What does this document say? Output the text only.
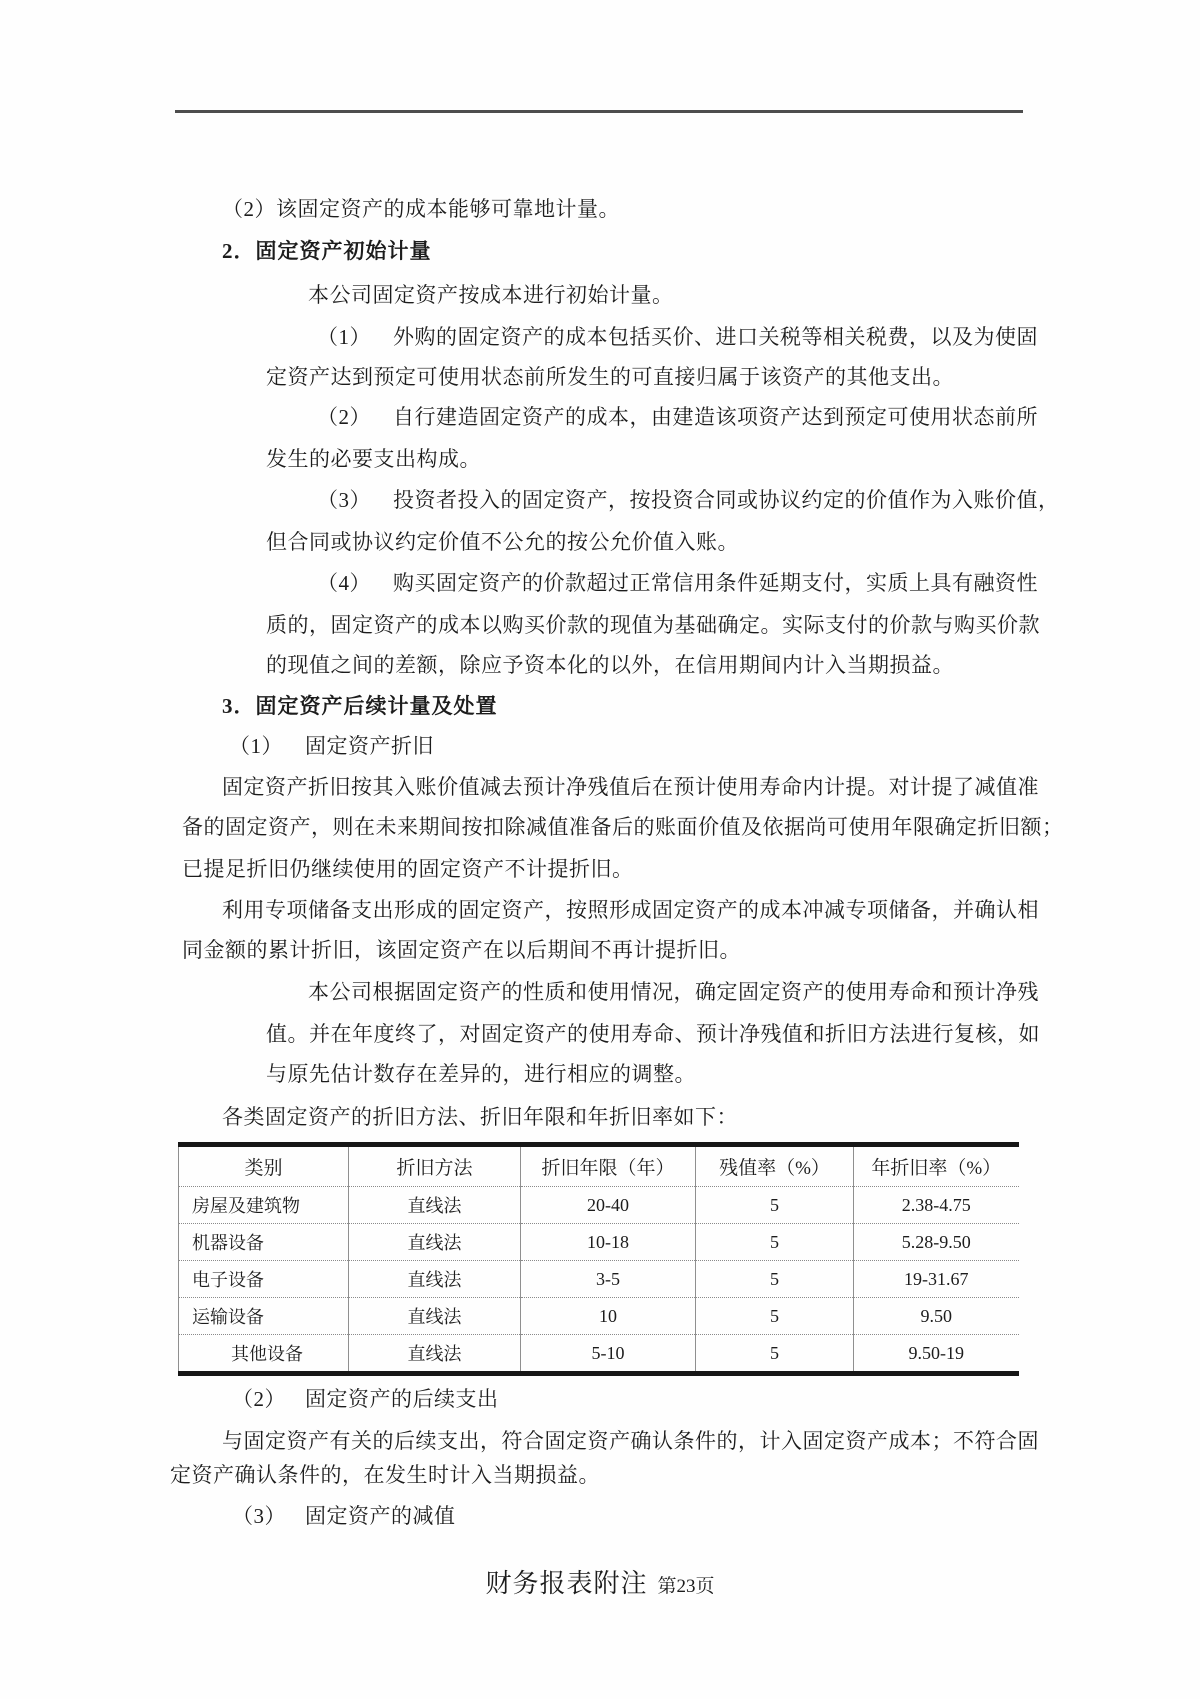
（2）该固定资产的成本能够可靠地计量。

2．固定资产初始计量

本公司固定资产按成本进行初始计量。

（1） 外购的固定资产的成本包括买价、进口关税等相关税费，以及为使固

定资产达到预定可使用状态前所发生的可直接归属于该资产的其他支出。

（2） 自行建造固定资产的成本，由建造该项资产达到预定可使用状态前所

发生的必要支出构成。

（3） 投资者投入的固定资产，按投资合同或协议约定的价值作为入账价值，

但合同或协议约定价值不公允的按公允价值入账。

（4） 购买固定资产的价款超过正常信用条件延期支付，实质上具有融资性

质的，固定资产的成本以购买价款的现值为基础确定。实际支付的价款与购买价款

的现值之间的差额，除应予资本化的以外，在信用期间内计入当期损益。

3．固定资产后续计量及处置

（1） 固定资产折旧

固定资产折旧按其入账价值减去预计净残值后在预计使用寿命内计提。对计提了减值准

备的固定资产，则在未来期间按扣除减值准备后的账面价值及依据尚可使用年限确定折旧额；

已提足折旧仍继续使用的固定资产不计提折旧。

利用专项储备支出形成的固定资产，按照形成固定资产的成本冲减专项储备，并确认相

同金额的累计折旧，该固定资产在以后期间不再计提折旧。

本公司根据固定资产的性质和使用情况，确定固定资产的使用寿命和预计净残

值。并在年度终了，对固定资产的使用寿命、预计净残值和折旧方法进行复核，如

与原先估计数存在差异的，进行相应的调整。

各类固定资产的折旧方法、折旧年限和年折旧率如下：

类别	折旧方法	折旧年限（年）	残值率（%）	年折旧率（%）
房屋及建筑物	直线法	20-40	5	2.38-4.75
机器设备	直线法	10-18	5	5.28-9.50
电子设备	直线法	3-5	5	19-31.67
运输设备	直线法	10	5	9.50
其他设备	直线法	5-10	5	9.50-19

（2） 固定资产的后续支出

与固定资产有关的后续支出，符合固定资产确认条件的，计入固定资产成本；不符合固

定资产确认条件的，在发生时计入当期损益。

（3） 固定资产的减值

财务报表附注 第23页
